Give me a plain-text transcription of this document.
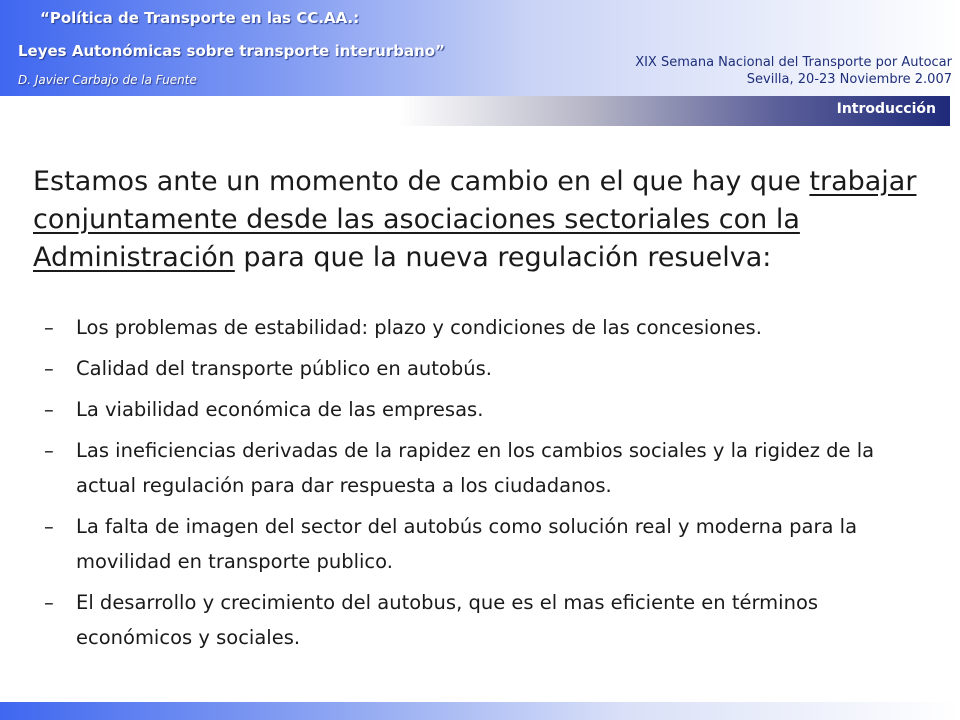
“Política de Transporte en las CC.AA.:
Leyes Autonómicas sobre transporte interurbano”
D. Javier Carbajo de la Fuente
XIX Semana Nacional del Transporte por Autocar
Sevilla, 20-23 Noviembre 2.007
Introducción
Estamos ante un momento de cambio en el que hay que trabajar conjuntamente desde las asociaciones sectoriales con la Administración para que la nueva regulación resuelva:
– Los problemas de estabilidad: plazo y condiciones de las concesiones.
– Calidad del transporte público en autobús.
– La viabilidad económica de las empresas.
– Las ineficiencias derivadas de la rapidez en los cambios sociales y la rigidez de la actual regulación para dar respuesta a los ciudadanos.
– La falta de imagen del sector del autobús como solución real y moderna para la movilidad en transporte publico.
– El desarrollo y crecimiento del autobus, que es el mas eficiente en términos económicos y sociales.
